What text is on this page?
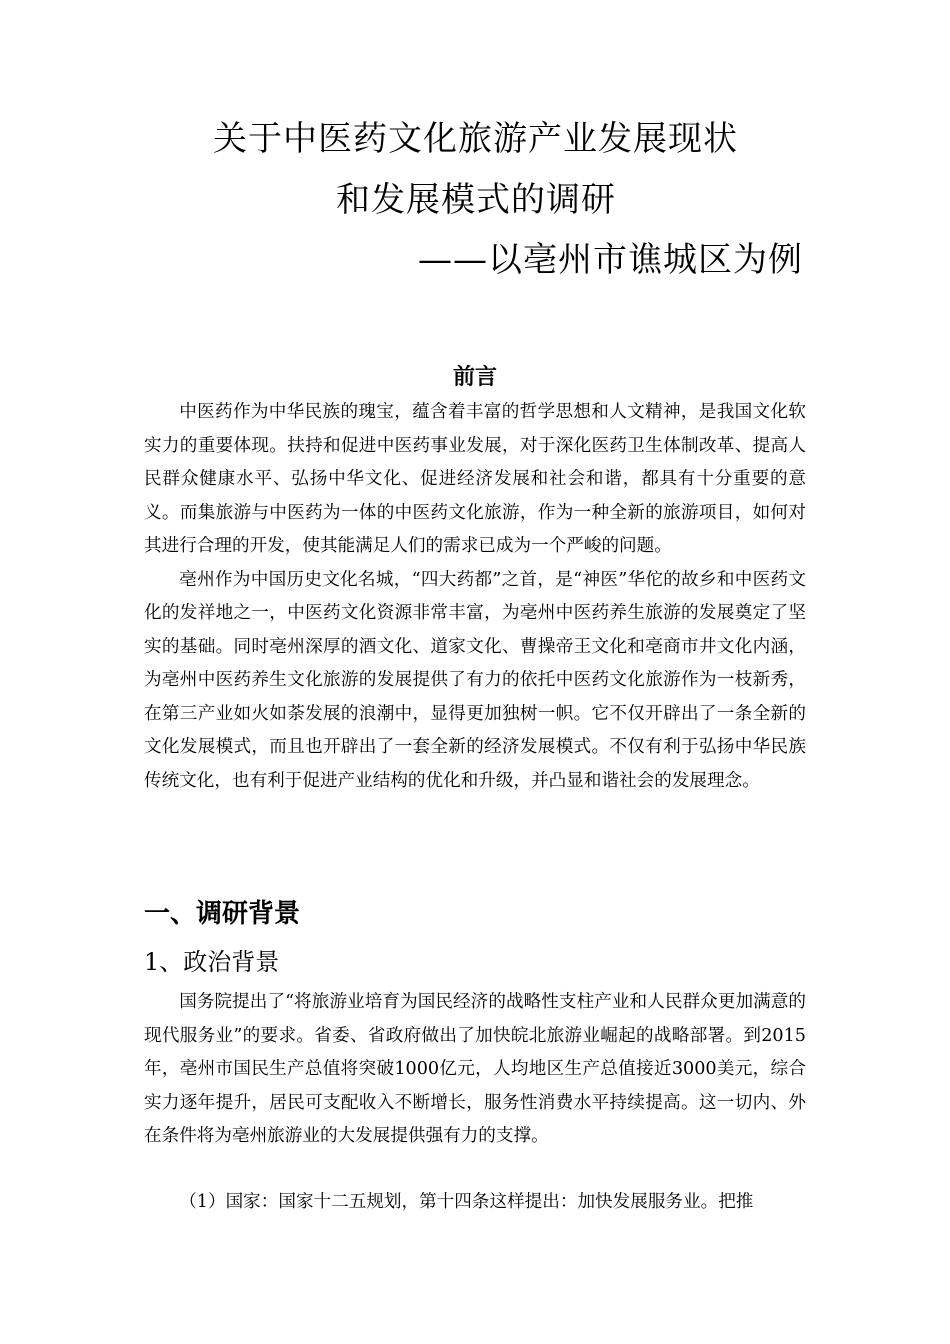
关于中医药文化旅游产业发展现状
和发展模式的调研
——以亳州市谯城区为例
前言

中医药作为中华民族的瑰宝，蕴含着丰富的哲学思想和人文精神，是我国文化软实力的重要体现。扶持和促进中医药事业发展，对于深化医药卫生体制改革、提高人民群众健康水平、弘扬中华文化、促进经济发展和社会和谐，都具有十分重要的意义。而集旅游与中医药为一体的中医药文化旅游，作为一种全新的旅游项目，如何对其进行合理的开发，使其能满足人们的需求已成为一个严峻的问题。

亳州作为中国历史文化名城，“四大药都”之首，是“神医”华佗的故乡和中医药文化的发祥地之一，中医药文化资源非常丰富，为亳州中医药养生旅游的发展奠定了坚实的基础。同时亳州深厚的酒文化、道家文化、曹操帝王文化和亳商市井文化内涵，为亳州中医药养生文化旅游的发展提供了有力的依托中医药文化旅游作为一枝新秀，在第三产业如火如荼发展的浪潮中，显得更加独树一帜。它不仅开辟出了一条全新的文化发展模式，而且也开辟出了一套全新的经济发展模式。不仅有利于弘扬中华民族传统文化，也有利于促进产业结构的优化和升级，并凸显和谐社会的发展理念。

一、调研背景
1、政治背景

国务院提出了“将旅游业培育为国民经济的战略性支柱产业和人民群众更加满意的现代服务业”的要求。省委、省政府做出了加快皖北旅游业崛起的战略部署。到2015年，亳州市国民生产总值将突破1000亿元，人均地区生产总值接近3000美元，综合实力逐年提升，居民可支配收入不断增长，服务性消费水平持续提高。这一切内、外在条件将为亳州旅游业的大发展提供强有力的支撑。

（1）国家：国家十二五规划，第十四条这样提出：加快发展服务业。把推
